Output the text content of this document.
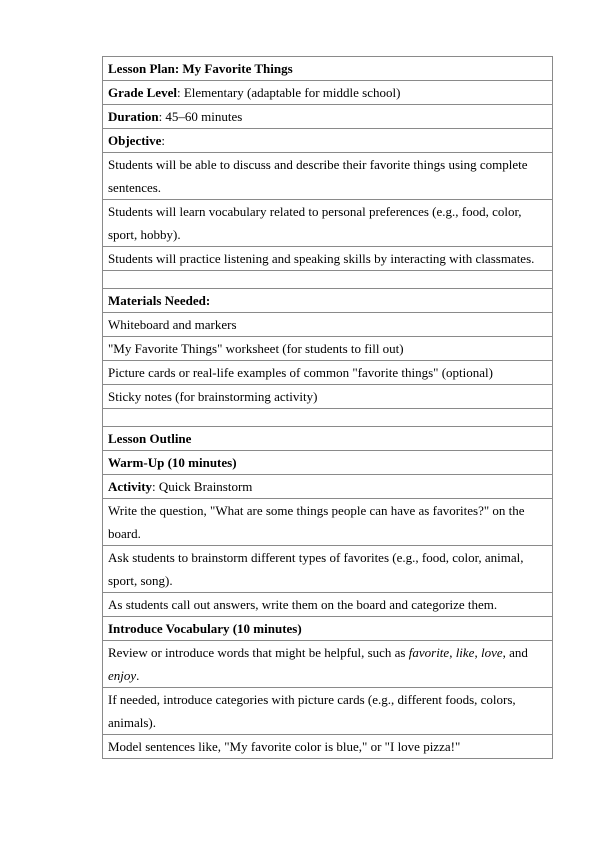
Lesson Plan: My Favorite Things
Grade Level: Elementary (adaptable for middle school)
Duration: 45–60 minutes
Objective:
Students will be able to discuss and describe their favorite things using complete sentences.
Students will learn vocabulary related to personal preferences (e.g., food, color, sport, hobby).
Students will practice listening and speaking skills by interacting with classmates.

Materials Needed:
Whiteboard and markers
"My Favorite Things" worksheet (for students to fill out)
Picture cards or real-life examples of common "favorite things" (optional)
Sticky notes (for brainstorming activity)

Lesson Outline
Warm-Up (10 minutes)
Activity: Quick Brainstorm
Write the question, "What are some things people can have as favorites?" on the board.
Ask students to brainstorm different types of favorites (e.g., food, color, animal, sport, song).
As students call out answers, write them on the board and categorize them.
Introduce Vocabulary (10 minutes)
Review or introduce words that might be helpful, such as favorite, like, love, and enjoy.
If needed, introduce categories with picture cards (e.g., different foods, colors, animals).
Model sentences like, "My favorite color is blue," or "I love pizza!"
